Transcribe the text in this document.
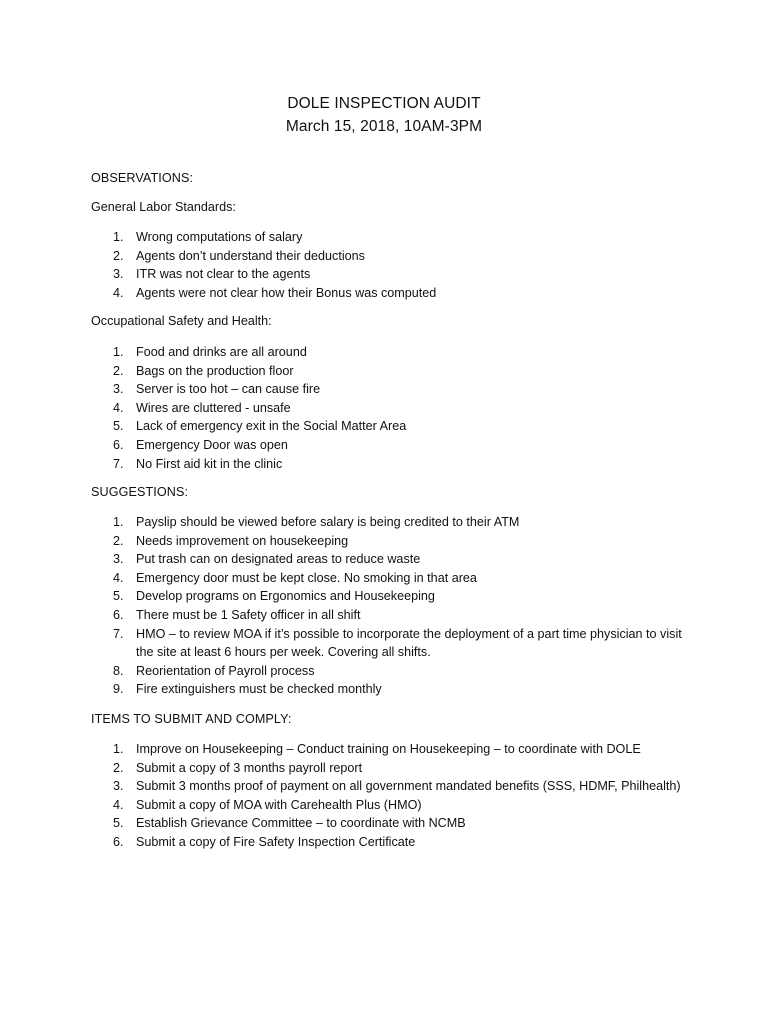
DOLE INSPECTION AUDIT
March 15, 2018, 10AM-3PM
OBSERVATIONS:
General Labor Standards:
1. Wrong computations of salary
2. Agents don’t understand their deductions
3. ITR was not clear to the agents
4. Agents were not clear how their Bonus was computed
Occupational Safety and Health:
1. Food and drinks are all around
2. Bags on the production floor
3. Server is too hot – can cause fire
4. Wires are cluttered - unsafe
5. Lack of emergency exit in the Social Matter Area
6. Emergency Door was open
7. No First aid kit in the clinic
SUGGESTIONS:
1. Payslip should be viewed before salary is being credited to their ATM
2. Needs improvement on housekeeping
3. Put trash can on designated areas to reduce waste
4. Emergency door must be kept close. No smoking in that area
5. Develop programs on Ergonomics and Housekeeping
6. There must be 1 Safety officer in all shift
7. HMO – to review MOA if it’s possible to incorporate the deployment of a part time physician to visit the site at least 6 hours per week. Covering all shifts.
8. Reorientation of Payroll process
9. Fire extinguishers must be checked monthly
ITEMS TO SUBMIT AND COMPLY:
1. Improve on Housekeeping – Conduct training on Housekeeping – to coordinate with DOLE
2. Submit a copy of 3 months payroll report
3. Submit 3 months proof of payment on all government mandated benefits (SSS, HDMF, Philhealth)
4. Submit a copy of MOA with Carehealth Plus (HMO)
5. Establish Grievance Committee – to coordinate with NCMB
6. Submit a copy of Fire Safety Inspection Certificate
